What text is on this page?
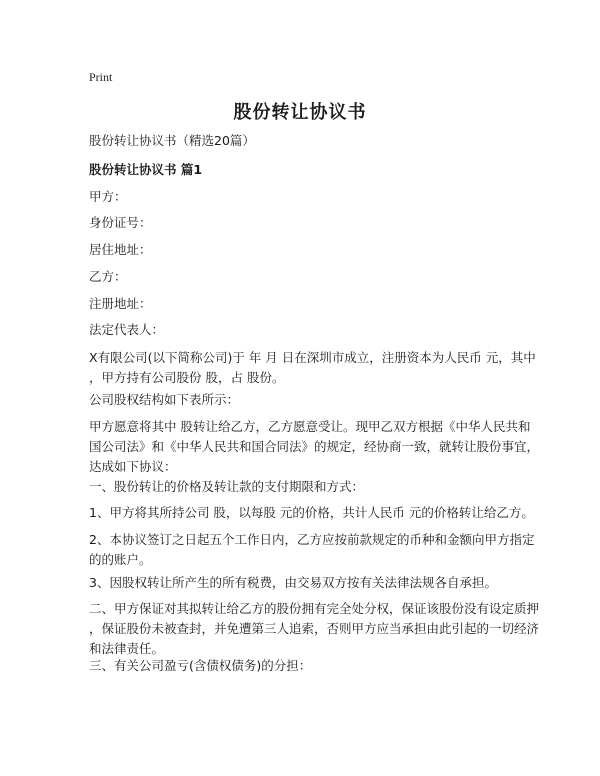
Print
股份转让协议书
股份转让协议书（精选20篇）
股份转让协议书 篇1
甲方：
身份证号：
居住地址：
乙方：
注册地址：
法定代表人：
X有限公司(以下简称公司)于 年 月 日在深圳市成立，注册资本为人民币 元，其中
，甲方持有公司股份 股，占 股份。
公司股权结构如下表所示：
甲方愿意将其中 股转让给乙方，乙方愿意受让。现甲乙双方根据《中华人民共和
国公司法》和《中华人民共和国合同法》的规定，经协商一致，就转让股份事宜，
达成如下协议：
一、股份转让的价格及转让款的支付期限和方式：
1、甲方将其所持公司 股，以每股 元的价格，共计人民币 元的价格转让给乙方。
2、本协议签订之日起五个工作日内，乙方应按前款规定的币种和金额向甲方指定
的的账户。
3、因股权转让所产生的所有税费，由交易双方按有关法律法规各自承担。
二、甲方保证对其拟转让给乙方的股份拥有完全处分权，保证该股份没有设定质押
，保证股份未被查封，并免遭第三人追索，否则甲方应当承担由此引起的一切经济
和法律责任。
三、有关公司盈亏(含债权债务)的分担：
